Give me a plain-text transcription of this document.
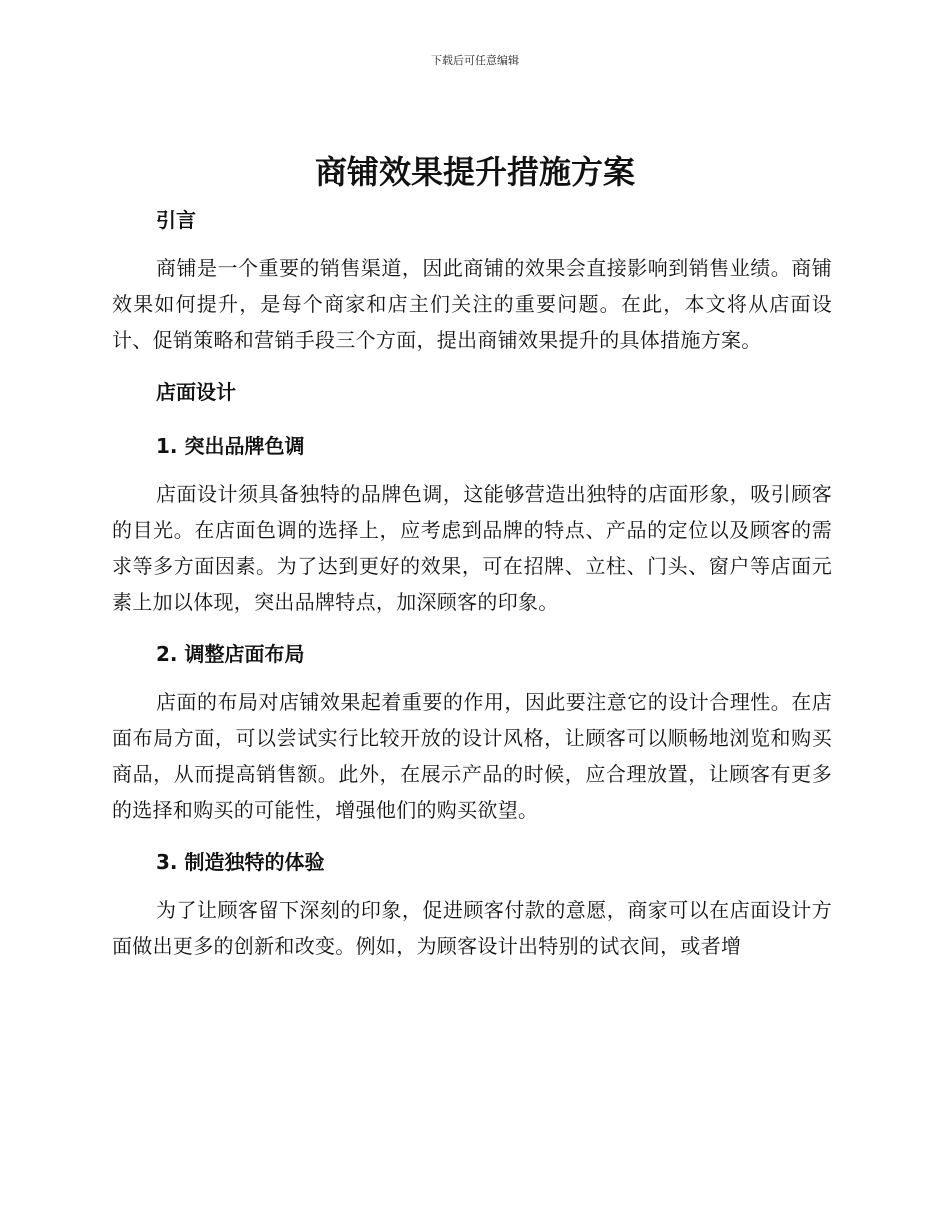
下载后可任意编辑
商铺效果提升措施方案
引言

商铺是一个重要的销售渠道，因此商铺的效果会直接影响到销售业绩。商铺效果如何提升，是每个商家和店主们关注的重要问题。在此，本文将从店面设计、促销策略和营销手段三个方面，提出商铺效果提升的具体措施方案。

店面设计
1. 突出品牌色调

店面设计须具备独特的品牌色调，这能够营造出独特的店面形象，吸引顾客的目光。在店面色调的选择上，应考虑到品牌的特点、产品的定位以及顾客的需求等多方面因素。为了达到更好的效果，可在招牌、立柱、门头、窗户等店面元素上加以体现，突出品牌特点，加深顾客的印象。

2. 调整店面布局

店面的布局对店铺效果起着重要的作用，因此要注意它的设计合理性。在店面布局方面，可以尝试实行比较开放的设计风格，让顾客可以顺畅地浏览和购买商品，从而提高销售额。此外，在展示产品的时候，应合理放置，让顾客有更多的选择和购买的可能性，增强他们的购买欲望。

3. 制造独特的体验

为了让顾客留下深刻的印象，促进顾客付款的意愿，商家可以在店面设计方面做出更多的创新和改变。例如，为顾客设计出特别的试衣间，或者增
